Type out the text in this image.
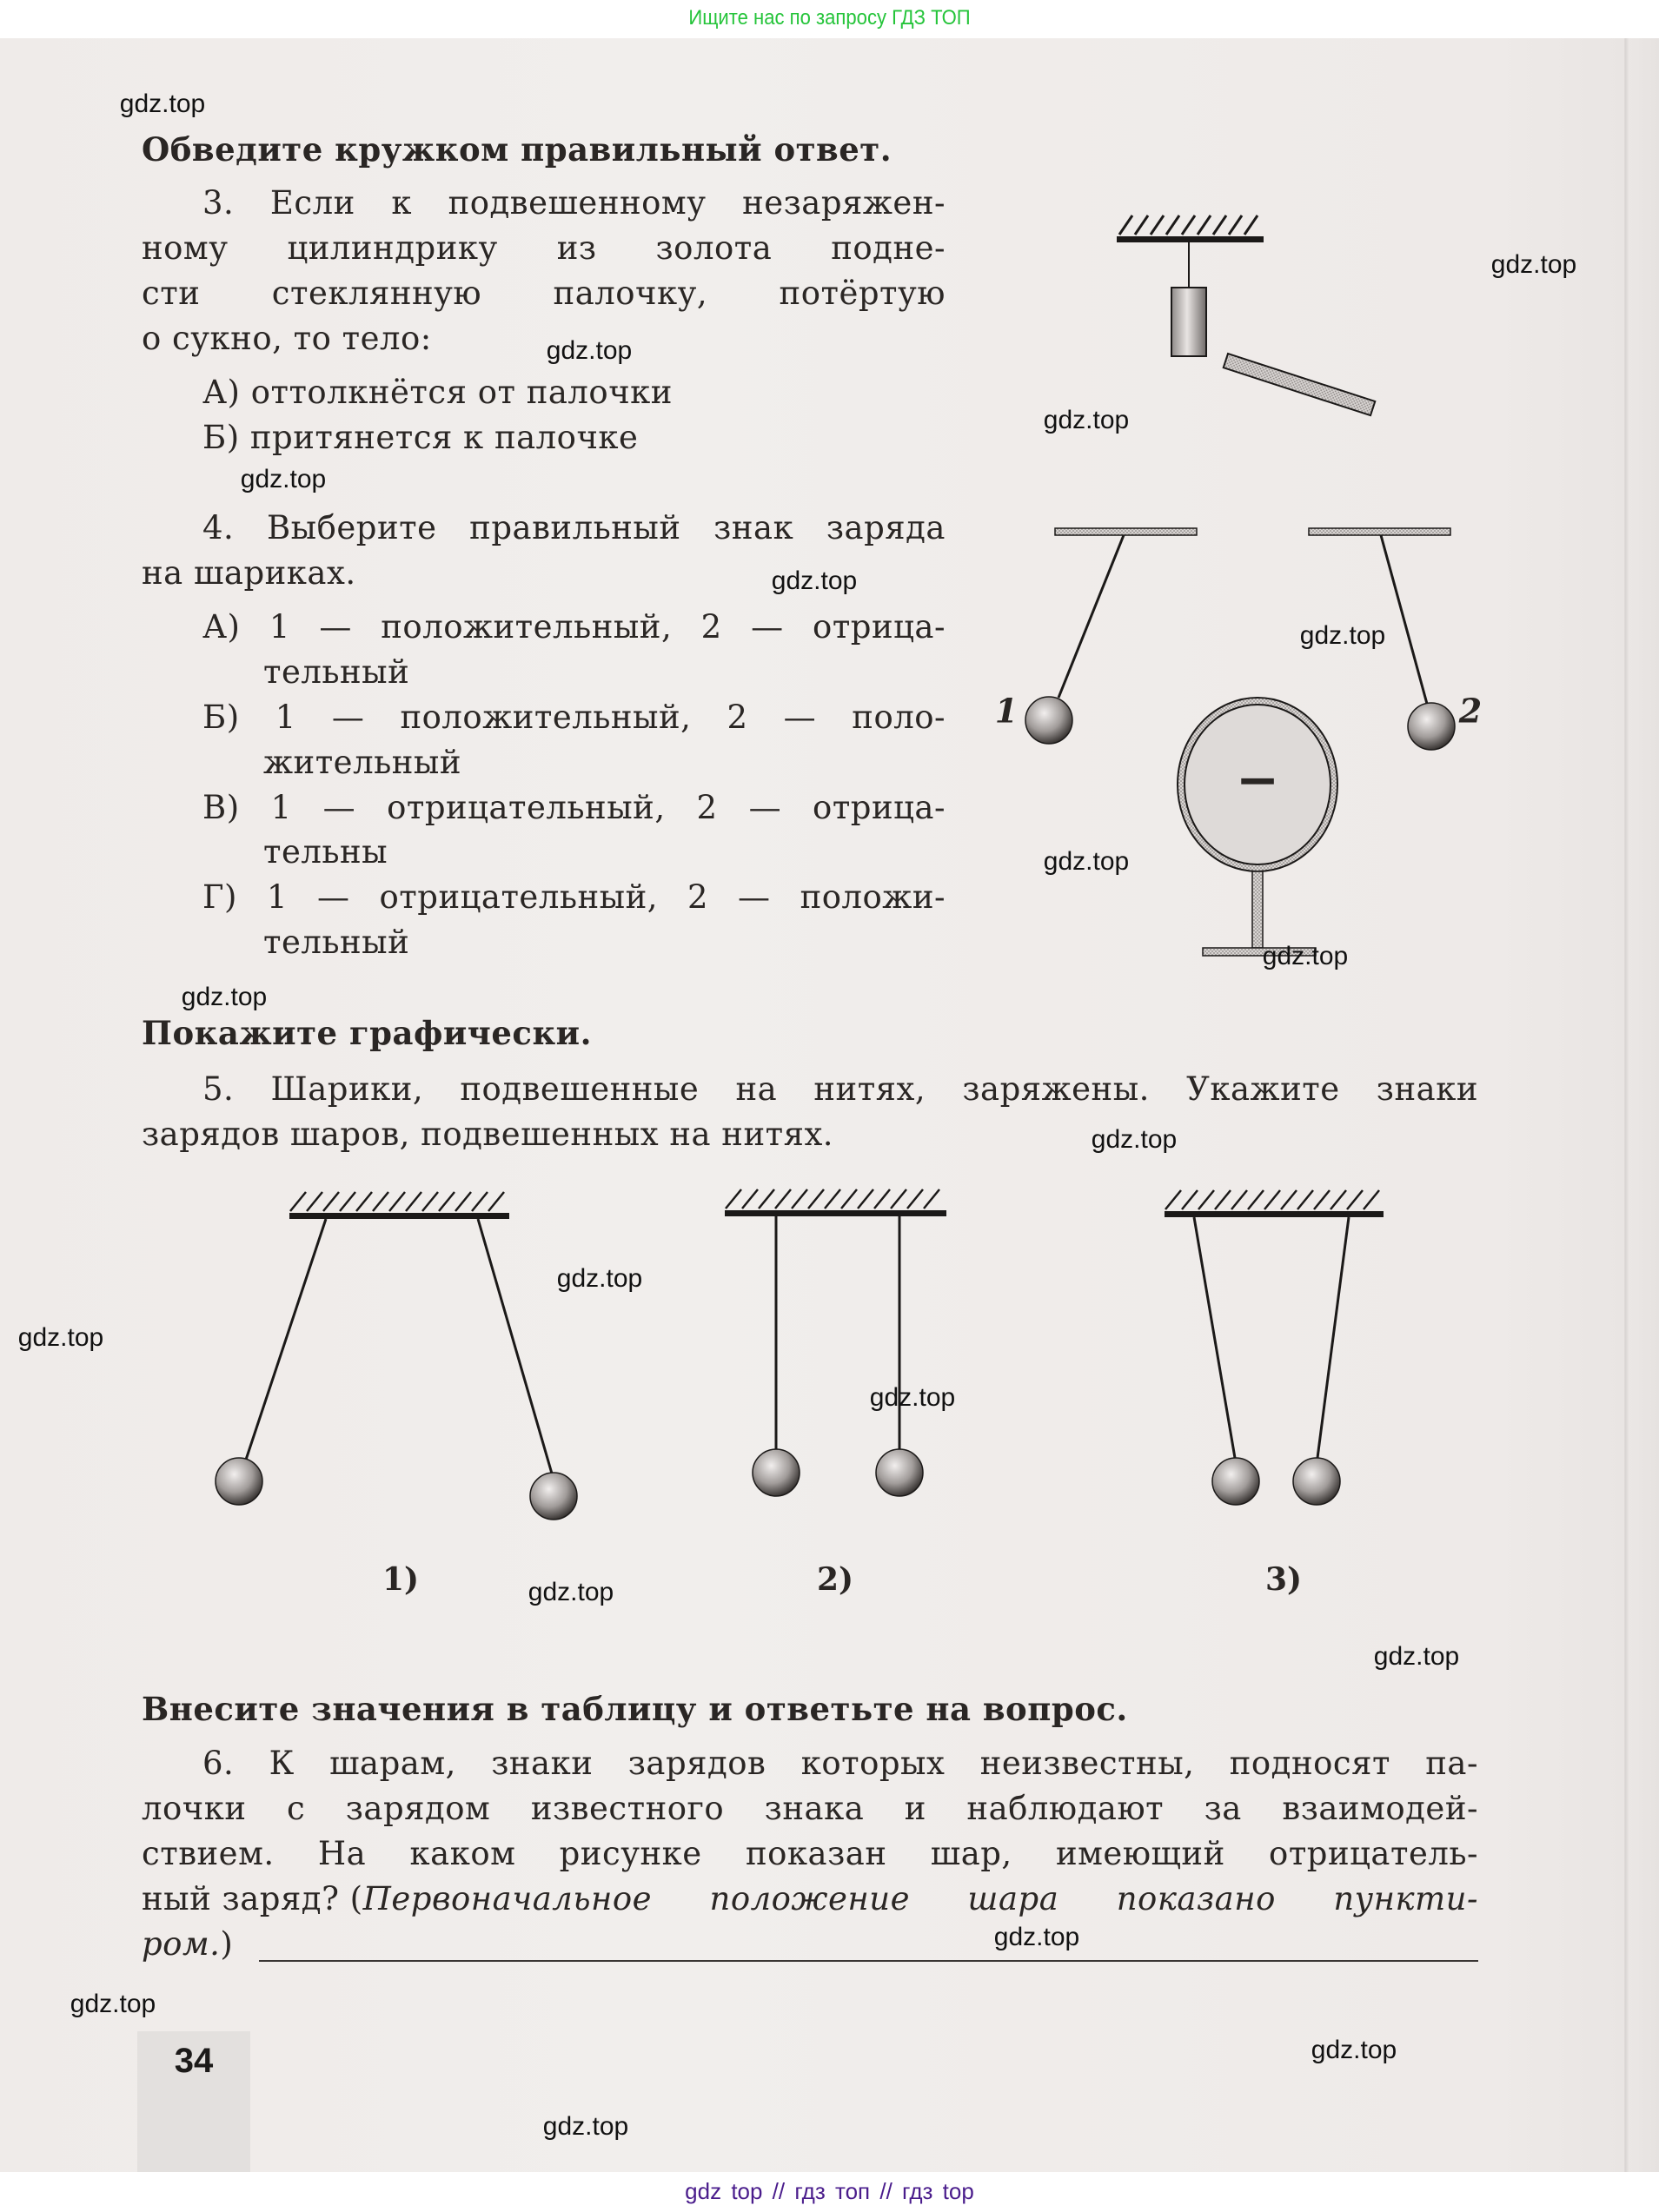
Ищите нас по запросу ГДЗ ТОП
Обведите кружком правильный ответ.
3. Если к подвешенному незаряжен-
ному цилиндрику из золота подне-
сти стеклянную палочку, потёртую
о сукно, то тело:
А) оттолкнётся от палочки
Б) притянется к палочке
4. Выберите правильный знак заряда
на шариках.
А) 1 — положительный, 2 — отрица-
тельный
Б) 1 — положительный, 2 — поло-
жительный
В) 1 — отрицательный, 2 — отрица-
тельны
Г) 1 — отрицательный, 2 — положи-
тельный
Покажите графически.
5. Шарики, подвешенные на нитях, заряжены. Укажите знаки
зарядов шаров, подвешенных на нитях.
Внесите значения в таблицу и ответьте на вопрос.
6. К шарам, знаки зарядов которых неизвестны, подносят па-
лочки с зарядом известного знака и наблюдают за взаимодей-
ствием. На каком рисунке показан шар, имеющий отрицатель-
ный заряд? ( Первоначальное положение шара показано пункти-
ром.)
−
1	2
1)	2)	3)
34
gdz.top
gdz.top
gdz.top
gdz.top
gdz.top
gdz.top
gdz.top
gdz.top
gdz.top
gdz.top
gdz.top
gdz.top
gdz.top
gdz.top
gdz.top
gdz.top
gdz.top
gdz.top
gdz.top
gdz.top
gdz top // гдз топ // гдз top
